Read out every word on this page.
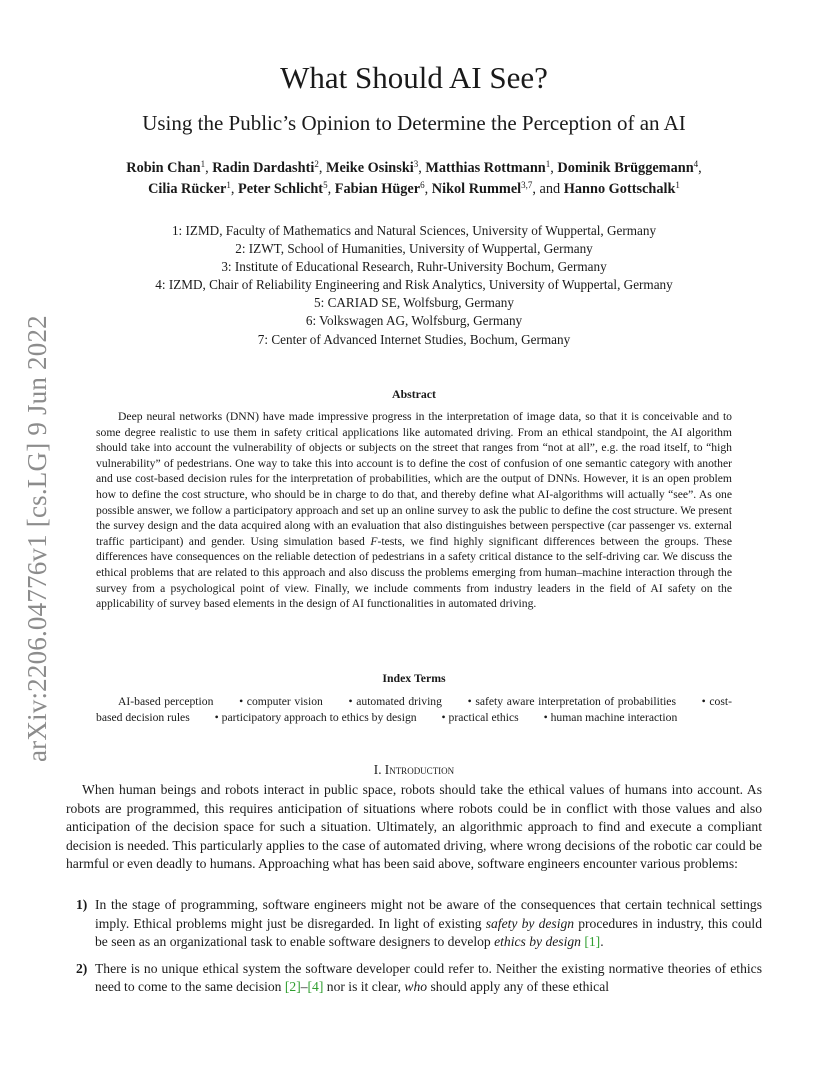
arXiv:2206.04776v1 [cs.LG] 9 Jun 2022
What Should AI See?
Using the Public’s Opinion to Determine the Perception of an AI
Robin Chan$^1$, Radin Dardashti$^2$, Meike Osinski$^3$, Matthias Rottmann$^1$, Dominik Brüggemann$^4$,
Cilia Rücker$^1$, Peter Schlicht$^5$, Fabian Hüger$^6$, Nikol Rummel$^{3,7}$, and Hanno Gottschalk$^1$
1: IZMD, Faculty of Mathematics and Natural Sciences, University of Wuppertal, Germany
2: IZWT, School of Humanities, University of Wuppertal, Germany
3: Institute of Educational Research, Ruhr-University Bochum, Germany
4: IZMD, Chair of Reliability Engineering and Risk Analytics, University of Wuppertal, Germany
5: CARIAD SE, Wolfsburg, Germany
6: Volkswagen AG, Wolfsburg, Germany
7: Center of Advanced Internet Studies, Bochum, Germany
Abstract
Deep neural networks (DNN) have made impressive progress in the interpretation of image data, so that it is conceivable and to some degree realistic to use them in safety critical applications like automated driving. From an ethical standpoint, the AI algorithm should take into account the vulnerability of objects or subjects on the street that ranges from “not at all”, e.g. the road itself, to “high vulnerability” of pedestrians. One way to take this into account is to define the cost of confusion of one semantic category with another and use cost-based decision rules for the interpretation of probabilities, which are the output of DNNs. However, it is an open problem how to define the cost structure, who should be in charge to do that, and thereby define what AI-algorithms will actually “see”. As one possible answer, we follow a participatory approach and set up an online survey to ask the public to define the cost structure. We present the survey design and the data acquired along with an evaluation that also distinguishes between perspective (car passenger vs. external traffic participant) and gender. Using simulation based F-tests, we find highly significant differences between the groups. These differences have consequences on the reliable detection of pedestrians in a safety critical distance to the self-driving car. We discuss the ethical problems that are related to this approach and also discuss the problems emerging from human–machine interaction through the survey from a psychological point of view. Finally, we include comments from industry leaders in the field of AI safety on the applicability of survey based elements in the design of AI functionalities in automated driving.
Index Terms
AI-based perception • computer vision • automated driving • safety aware interpretation of probabilities • cost-based decision rules • participatory approach to ethics by design • practical ethics • human machine interaction
I. Introduction
When human beings and robots interact in public space, robots should take the ethical values of humans into account. As robots are programmed, this requires anticipation of situations where robots could be in conflict with those values and also anticipation of the decision space for such a situation. Ultimately, an algorithmic approach to find and execute a compliant decision is needed. This particularly applies to the case of automated driving, where wrong decisions of the robotic car could be harmful or even deadly to humans. Approaching what has been said above, software engineers encounter various problems:
1) In the stage of programming, software engineers might not be aware of the consequences that certain technical settings imply. Ethical problems might just be disregarded. In light of existing safety by design procedures in industry, this could be seen as an organizational task to enable software designers to develop ethics by design [1].
2) There is no unique ethical system the software developer could refer to. Neither the existing normative theories of ethics need to come to the same decision [2]–[4] nor is it clear, who should apply any of these ethical
